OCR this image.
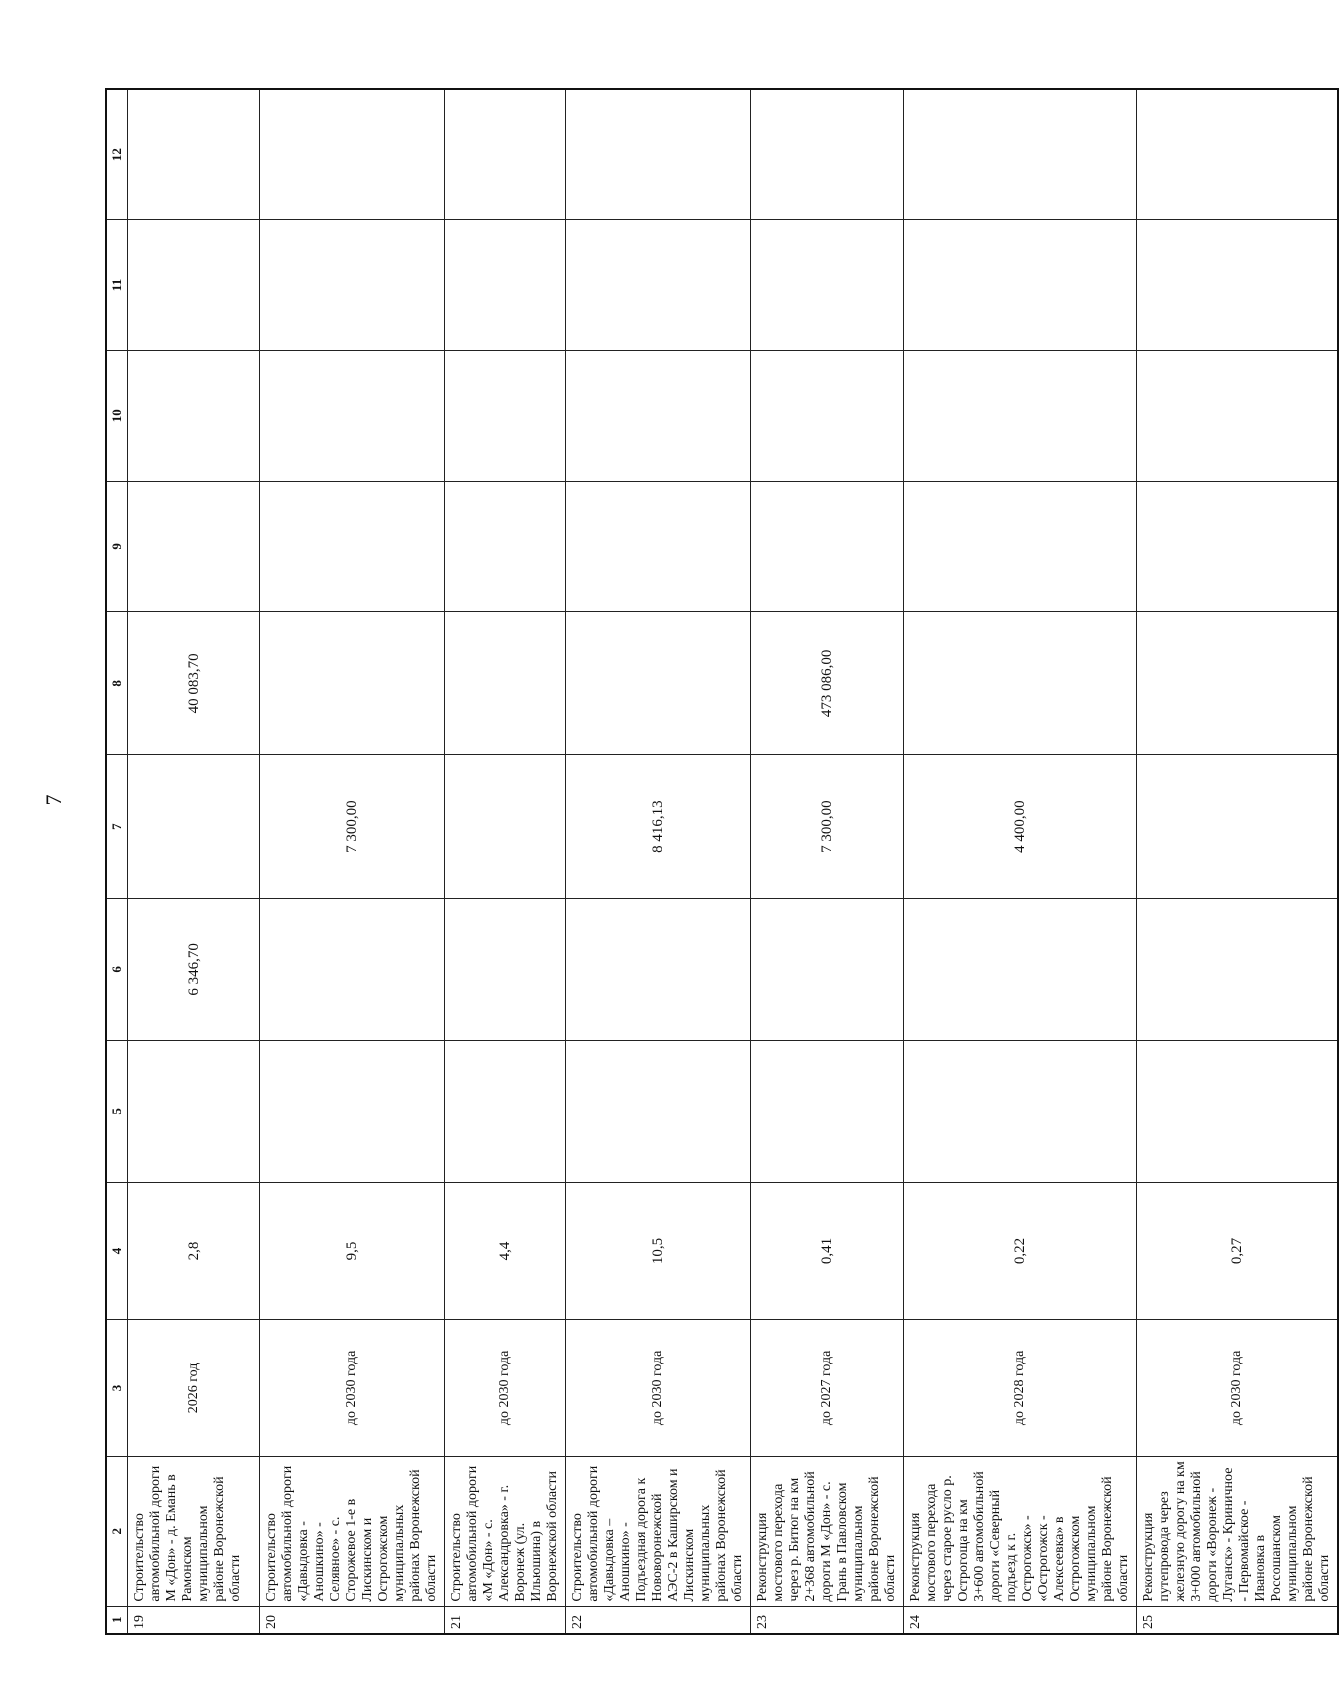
7
1	2	3	4	5	6	7	8	9	10	11	12
19	Строительство автомобильной дороги М «Дон» - д. Емань в Рамонском муниципальном районе Воронежской области	2026 год	2,8		6 346,70		40 083,70				
20	Строительство автомобильной дороги «Давыдовка - Аношкино» - Селявное» - с. Сторожевое 1-е в Лискинском и Острогожском муниципальных районах Воронежской области	до 2030 года	9,5			7 300,00					
21	Строительство автомобильной дороги «М «Дон» - с. Александровка» - г. Воронеж (ул. Ильюшина) в Воронежской области	до 2030 года	4,4								
22	Строительство автомобильной дороги «Давыдовка – Аношкино» - Подъездная дорога к Нововоронежской АЭС-2 в Каширском и Лискинском муниципальных районах Воронежской области	до 2030 года	10,5			8 416,13					
23	Реконструкция мостового перехода через р. Битюг на км 2+368 автомобильной дороги М «Дон» - с. Грань в Павловском муниципальном районе Воронежской области	до 2027 года	0,41			7 300,00	473 086,00				
24	Реконструкция мостового перехода через старое русло р. Острогоща на км 3+600 автомобильной дороги «Северный подъезд к г. Острогожск» - «Острогожск - Алексеевка» в Острогожском муниципальном районе Воронежской области	до 2028 года	0,22			4 400,00					
25	Реконструкция путепровода через железную дорогу на км 3+000 автомобильной дороги «Воронеж - Луганск» - Криничное - Первомайское - Ивановка в Россошанском муниципальном районе Воронежской области	до 2030 года	0,27								
